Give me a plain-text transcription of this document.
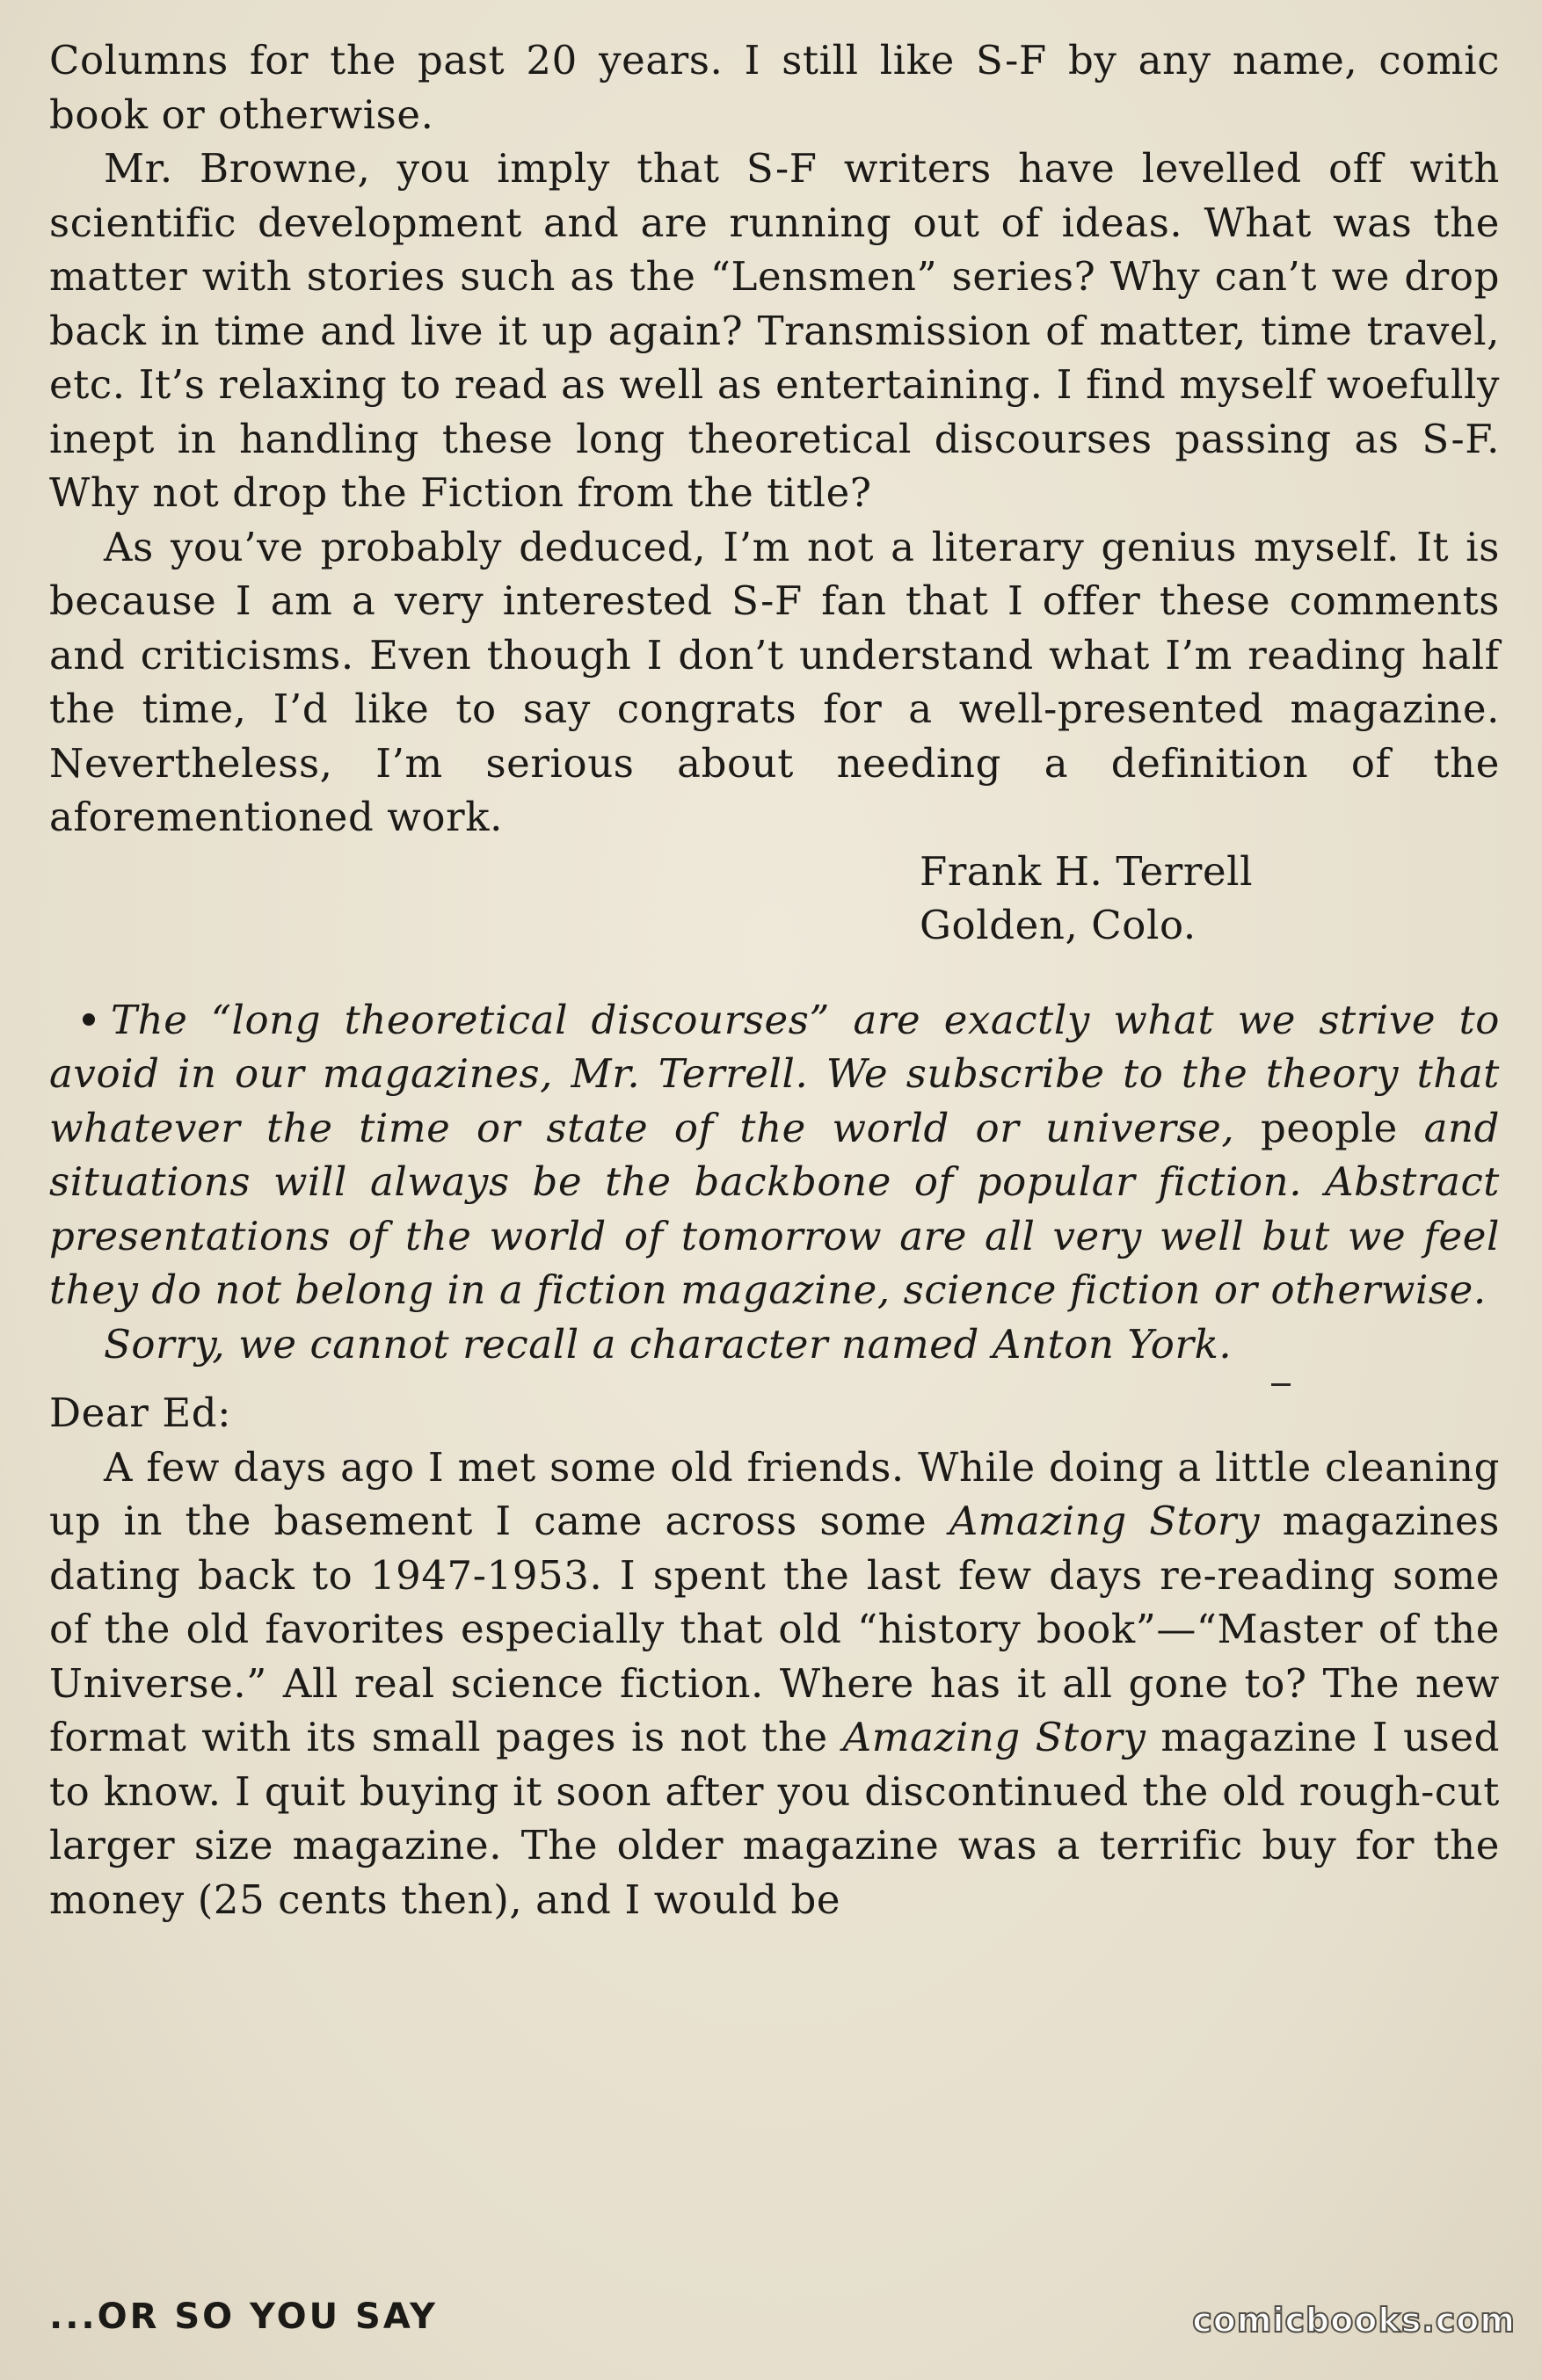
Columns for the past 20 years. I still like S-F by any name, comic book or otherwise.

Mr. Browne, you imply that S-F writers have levelled off with scientific development and are running out of ideas. What was the matter with stories such as the “Lensmen” series? Why can’t we drop back in time and live it up again? Transmission of matter, time travel, etc. It’s relaxing to read as well as entertaining. I find myself woefully inept in handling these long theoretical discourses passing as S-F. Why not drop the Fiction from the title?

As you’ve probably deduced, I’m not a literary genius myself. It is because I am a very interested S-F fan that I offer these comments and criticisms. Even though I don’t understand what I’m reading half the time, I’d like to say congrats for a well-presented magazine. Nevertheless, I’m serious about needing a definition of the aforementioned work.

Frank H. Terrell
Golden, Colo.

The “long theoretical discourses” are exactly what we strive to avoid in our magazines, Mr. Terrell. We subscribe to the theory that whatever the time or state of the world or universe, people and situations will always be the backbone of popular fiction. Abstract presentations of the world of tomorrow are all very well but we feel they do not belong in a fiction magazine, science fiction or otherwise.

Sorry, we cannot recall a character named Anton York.

Dear Ed:

A few days ago I met some old friends. While doing a little cleaning up in the basement I came across some Amazing Story magazines dating back to 1947-1953. I spent the last few days re-reading some of the old favorites especially that old “history book”—“Master of the Universe.” All real science fiction. Where has it all gone to? The new format with its small pages is not the Amazing Story magazine I used to know. I quit buying it soon after you discontinued the old rough-cut larger size magazine. The older magazine was a terrific buy for the money (25 cents then), and I would be

...OR SO YOU SAY	comicbooks.com
